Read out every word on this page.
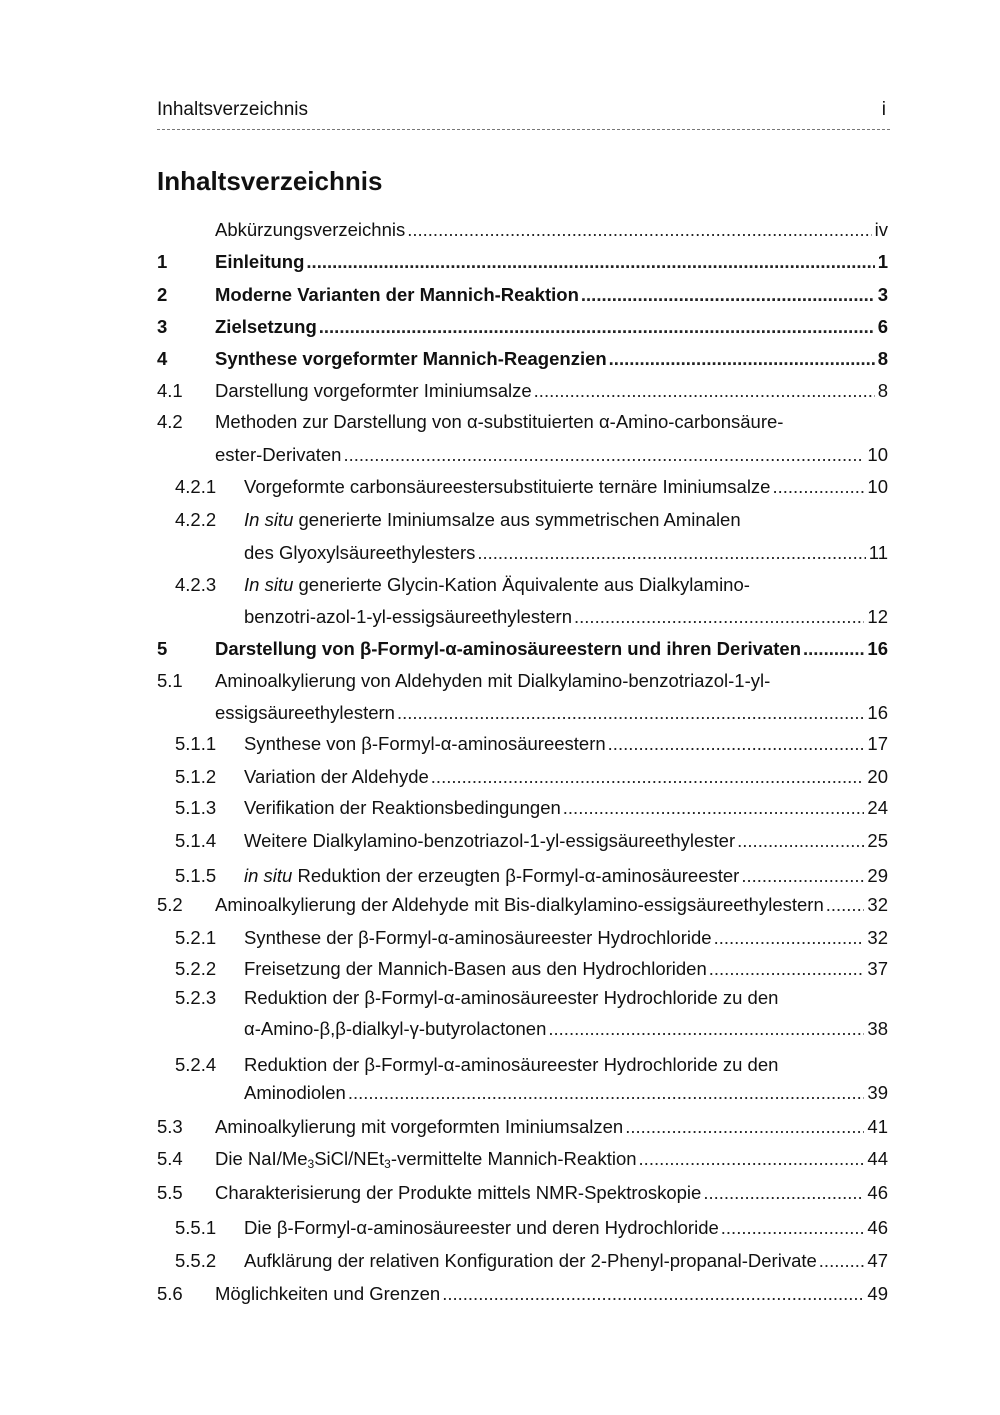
Inhaltsverzeichnis	i
Inhaltsverzeichnis
Abkürzungsverzeichnis .....	iv
1	Einleitung .....	1
2	Moderne Varianten der Mannich-Reaktion .....	3
3	Zielsetzung .....	6
4	Synthese vorgeformter Mannich-Reagenzien .....	8
4.1 Darstellung vorgeformter Iminiumsalze .....	8
4.2 Methoden zur Darstellung von α-substituierten α-Amino-carbonsäure-
ester-Derivaten .....	10
4.2.1 Vorgeformte carbonsäureestersubstituierte ternäre Iminiumsalze .....	10
4.2.2 In situ generierte Iminiumsalze aus symmetrischen Aminalen
des Glyoxylsäureethylesters .....	11
4.2.3 In situ generierte Glycin-Kation Äquivalente aus Dialkylamino-
benzotri-azol-1-yl-essigsäureethylestern .....	12
5	Darstellung von β-Formyl-α-aminosäureestern und ihren Derivaten .....	16
5.1 Aminoalkylierung von Aldehyden mit Dialkylamino-benzotriazol-1-yl-
essigsäureethylestern .....	16
5.1.1 Synthese von β-Formyl-α-aminosäureestern .....	17
5.1.2 Variation der Aldehyde .....	20
5.1.3 Verifikation der Reaktionsbedingungen .....	24
5.1.4 Weitere Dialkylamino-benzotriazol-1-yl-essigsäureethylester .....	25
5.1.5 in situ Reduktion der erzeugten β-Formyl-α-aminosäureester .....	29
5.2 Aminoalkylierung der Aldehyde mit Bis-dialkylamino-essigsäureethylestern ..... 32
5.2.1 Synthese der β-Formyl-α-aminosäureester Hydrochloride .....	32
5.2.2 Freisetzung der Mannich-Basen aus den Hydrochloriden .....	37
5.2.3 Reduktion der β-Formyl-α-aminosäureester Hydrochloride zu den
α-Amino-β,β-dialkyl-γ-butyrolactonen .....	38
5.2.4 Reduktion der β-Formyl-α-aminosäureester Hydrochloride zu den
Aminodiolen .....	39
5.3 Aminoalkylierung mit vorgeformten Iminiumsalzen .....	41
5.4 Die NaI/$Me_3SiCl/NEt_3$-vermittelte Mannich-Reaktion .....	44
5.5 Charakterisierung der Produkte mittels NMR-Spektroskopie .....	46
5.5.1 Die β-Formyl-α-aminosäureester und deren Hydrochloride .....	46
5.5.2 Aufklärung der relativen Konfiguration der 2-Phenyl-propanal-Derivate .....	47
5.6 Möglichkeiten und Grenzen .....	49
